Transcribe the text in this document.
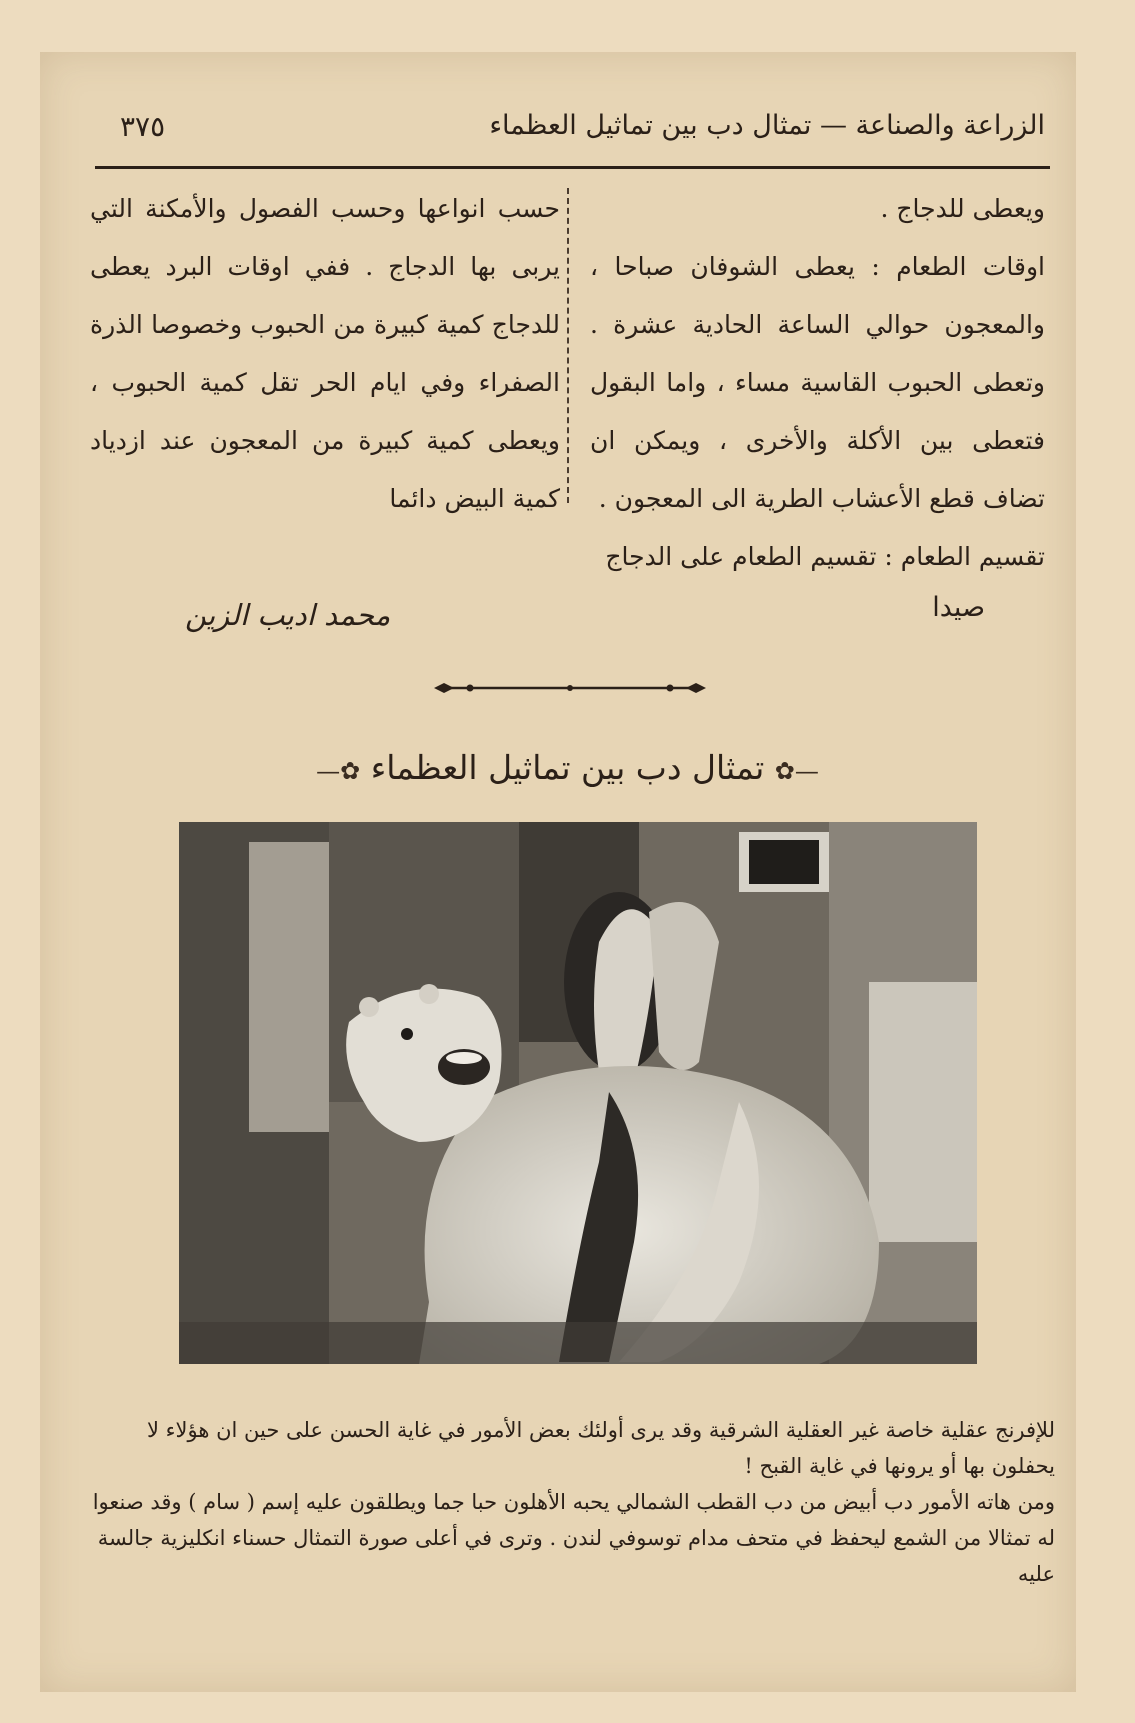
الزراعة والصناعة — تمثال دب بين تماثيل العظماء
٣٧٥

ويعطى للدجاج .

اوقات الطعام : يعطى الشوفان صباحا ، والمعجون حوالي الساعة الحادية عشرة . وتعطى الحبوب القاسية مساء ، واما البقول فتعطى بين الأكلة والأخرى ، ويمكن ان تضاف قطع الأعشاب الطرية الى المعجون .

تقسيم الطعام : تقسيم الطعام على الدجاج

حسب انواعها وحسب الفصول والأمكنة التي يربى بها الدجاج . ففي اوقات البرد يعطى للدجاج كمية كبيرة من الحبوب وخصوصا الذرة الصفراء وفي ايام الحر تقل كمية الحبوب ، ويعطى كمية كبيرة من المعجون عند ازدياد كمية البيض دائما

صيدا
محمد اديب الزين
—✿ تمثال دب بين تماثيل العظماء ✿—

للإفرنج عقلية خاصة غير العقلية الشرقية وقد يرى أولئك بعض الأمور في غاية الحسن على حين ان هؤلاء لا يحفلون بها أو يرونها في غاية القبح !

ومن هاته الأمور دب أبيض من دب القطب الشمالي يحبه الأهلون حبا جما ويطلقون عليه إسم ( سام ) وقد صنعوا له تمثالا من الشمع ليحفظ في متحف مدام توسوفي لندن . وترى في أعلى صورة التمثال حسناء انكليزية جالسة عليه
